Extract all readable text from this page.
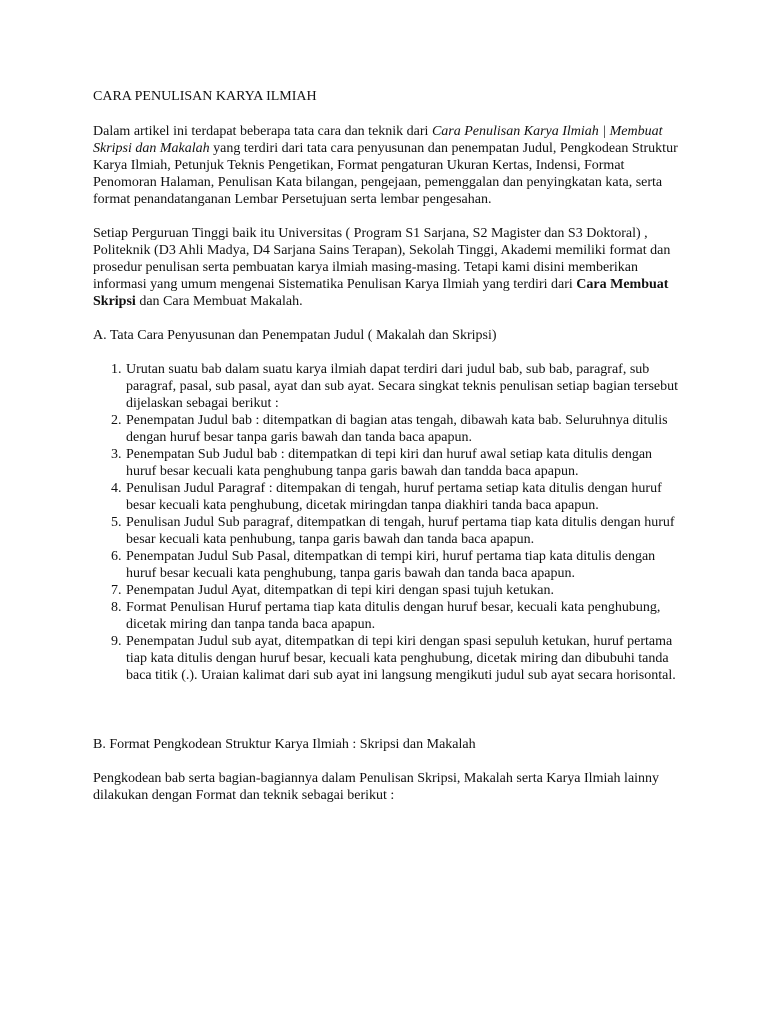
CARA PENULISAN KARYA ILMIAH

Dalam artikel ini terdapat beberapa tata cara dan teknik dari Cara Penulisan Karya Ilmiah | Membuat Skripsi dan Makalah yang terdiri dari tata cara penyusunan dan penempatan Judul, Pengkodean Struktur Karya Ilmiah, Petunjuk Teknis Pengetikan, Format pengaturan Ukuran Kertas, Indensi, Format Penomoran Halaman, Penulisan Kata bilangan, pengejaan, pemenggalan dan penyingkatan kata, serta format penandatanganan Lembar Persetujuan serta lembar pengesahan.

Setiap Perguruan Tinggi baik itu Universitas ( Program S1 Sarjana, S2 Magister dan S3 Doktoral) , Politeknik (D3 Ahli Madya, D4 Sarjana Sains Terapan), Sekolah Tinggi, Akademi memiliki format dan prosedur penulisan serta pembuatan karya ilmiah masing-masing. Tetapi kami disini memberikan informasi yang umum mengenai Sistematika Penulisan Karya Ilmiah yang terdiri dari Cara Membuat Skripsi dan Cara Membuat Makalah.

A. Tata Cara Penyusunan dan Penempatan Judul ( Makalah dan Skripsi)

1. Urutan suatu bab dalam suatu karya ilmiah dapat terdiri dari judul bab, sub bab, paragraf, sub paragraf, pasal, sub pasal, ayat dan sub ayat. Secara singkat teknis penulisan setiap bagian tersebut dijelaskan sebagai berikut :
2. Penempatan Judul bab : ditempatkan di bagian atas tengah, dibawah kata bab. Seluruhnya ditulis dengan huruf besar tanpa garis bawah dan tanda baca apapun.
3. Penempatan Sub Judul bab : ditempatkan di tepi kiri dan huruf awal setiap kata ditulis dengan huruf besar kecuali kata penghubung tanpa garis bawah dan tandda baca apapun.
4. Penulisan Judul Paragraf : ditempakan di tengah, huruf pertama setiap kata ditulis dengan huruf besar kecuali kata penghubung, dicetak miringdan tanpa diakhiri tanda baca apapun.
5. Penulisan Judul Sub paragraf, ditempatkan di tengah, huruf pertama tiap kata ditulis dengan huruf besar kecuali kata penhubung, tanpa garis bawah dan tanda baca apapun.
6. Penempatan Judul Sub Pasal, ditempatkan di tempi kiri, huruf pertama tiap kata ditulis dengan huruf besar kecuali kata penghubung, tanpa garis bawah dan tanda baca apapun.
7. Penempatan Judul Ayat, ditempatkan di tepi kiri dengan spasi tujuh ketukan.
8. Format Penulisan Huruf pertama tiap kata ditulis dengan huruf besar, kecuali kata penghubung, dicetak miring dan tanpa tanda baca apapun.
9. Penempatan Judul sub ayat, ditempatkan di tepi kiri dengan spasi sepuluh ketukan, huruf pertama tiap kata ditulis dengan huruf besar, kecuali kata penghubung, dicetak miring dan dibubuhi tanda baca titik (.). Uraian kalimat dari sub ayat ini langsung mengikuti judul sub ayat secara horisontal.

B. Format Pengkodean Struktur Karya Ilmiah : Skripsi dan Makalah

Pengkodean bab serta bagian-bagiannya dalam Penulisan Skripsi, Makalah serta Karya Ilmiah lainny dilakukan dengan Format dan teknik sebagai berikut :
